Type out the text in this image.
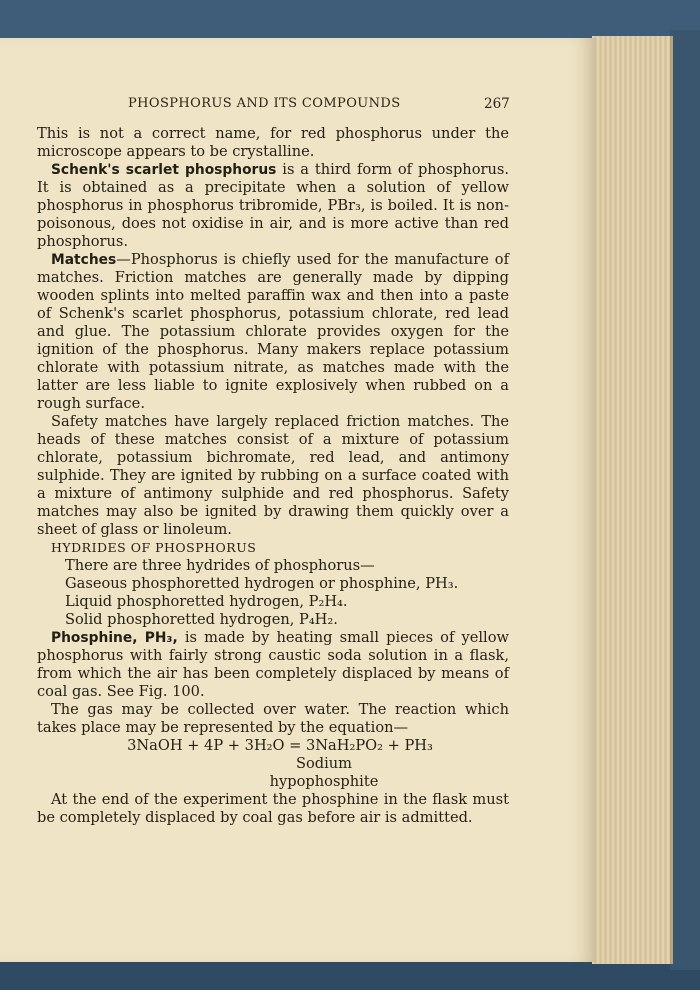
PHOSPHORUS AND ITS COMPOUNDS	267

This is not a correct name, for red phosphorus under the microscope appears to be crystalline.

Schenk's scarlet phosphorus is a third form of phosphorus. It is obtained as a precipitate when a solution of yellow phosphorus in phosphorus tribromide, PBr₃, is boiled. It is non-poisonous, does not oxidise in air, and is more active than red phosphorus.

Matches—Phosphorus is chiefly used for the manufacture of matches. Friction matches are generally made by dipping wooden splints into melted paraffin wax and then into a paste of Schenk's scarlet phosphorus, potassium chlorate, red lead and glue. The potassium chlorate provides oxygen for the ignition of the phosphorus. Many makers replace potassium chlorate with potassium nitrate, as matches made with the latter are less liable to ignite explosively when rubbed on a rough surface.

Safety matches have largely replaced friction matches. The heads of these matches consist of a mixture of potassium chlorate, potassium bichromate, red lead, and antimony sulphide. They are ignited by rubbing on a surface coated with a mixture of antimony sulphide and red phosphorus. Safety matches may also be ignited by drawing them quickly over a sheet of glass or linoleum.

HYDRIDES OF PHOSPHORUS

There are three hydrides of phosphorus—

Gaseous phosphoretted hydrogen or phosphine, PH₃.

Liquid phosphoretted hydrogen, P₂H₄.

Solid phosphoretted hydrogen, P₄H₂.

Phosphine, PH₃, is made by heating small pieces of yellow phosphorus with fairly strong caustic soda solution in a flask, from which the air has been completely displaced by means of coal gas. See Fig. 100.

The gas may be collected over water. The reaction which takes place may be represented by the equation—

3NaOH + 4P + 3H₂O = 3NaH₂PO₂ + PH₃

Sodium

hypophosphite

At the end of the experiment the phosphine in the flask must be completely displaced by coal gas before air is admitted.
